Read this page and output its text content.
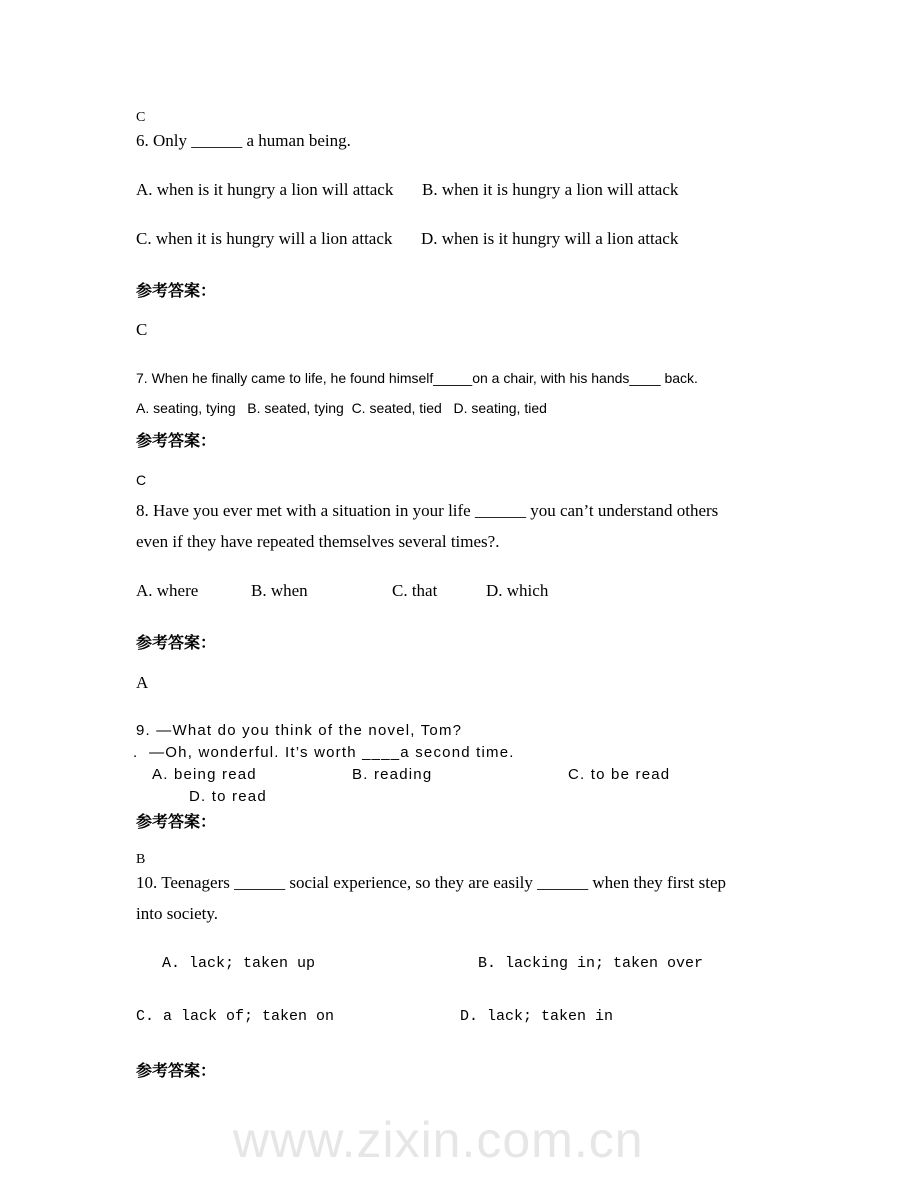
www.zixin.com.cn
C
6. Only ______ a human being.
A. when is it hungry a lion will attack B. when it is hungry a lion will attack
C. when it is hungry will a lion attack D. when is it hungry will a lion attack
参考答案：
C
7. When he finally came to life, he found himself_____on a chair, with his hands____ back.
A. seating, tying   B. seated, tying  C. seated, tied   D. seating, tied
参考答案：
C
8. Have you ever met with a situation in your life ______ you can’t understand others
even if they have repeated themselves several times?.
A. where	B. when	C. that	D. which
参考答案：
A
9. —What do you think of the novel, Tom?
.  —Oh, wonderful. It’s worth ____a second time.
A. being read	B. reading	C. to be read
D. to read
参考答案：
B
10. Teenagers ______ social experience, so they are easily ______ when they first step
into society.
A. lack; taken up	B. lacking in; taken over
C. a lack of; taken on	D. lack; taken in
参考答案：
